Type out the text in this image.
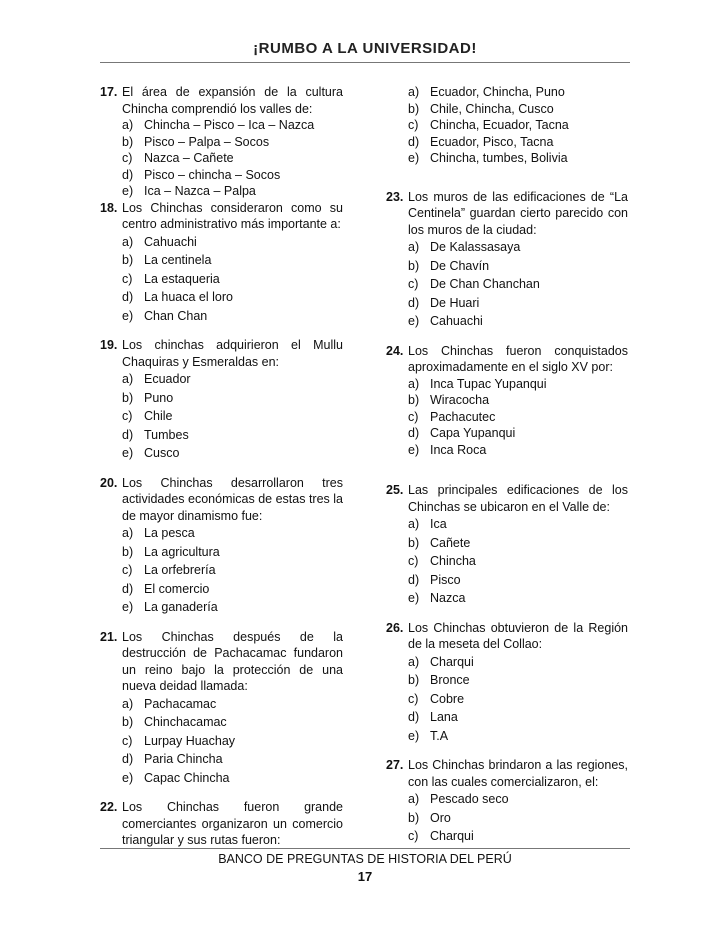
¡RUMBO A LA UNIVERSIDAD!
17. El área de expansión de la cultura Chincha comprendió los valles de:
a) Chincha – Pisco – Ica – Nazca
b) Pisco – Palpa – Socos
c) Nazca – Cañete
d) Pisco – chincha – Socos
e) Ica – Nazca – Palpa
18. Los Chinchas consideraron como su centro administrativo más importante a:
a) Cahuachi
b) La centinela
c) La estaqueria
d) La huaca el loro
e) Chan Chan
19. Los chinchas adquirieron el Mullu Chaquiras y Esmeraldas en:
a) Ecuador
b) Puno
c) Chile
d) Tumbes
e) Cusco
20. Los Chinchas desarrollaron tres actividades económicas de estas tres la de mayor dinamismo fue:
a) La pesca
b) La agricultura
c) La orfebrería
d) El comercio
e) La ganadería
21. Los Chinchas después de la destrucción de Pachacamac fundaron un reino bajo la protección de una nueva deidad llamada:
a) Pachacamac
b) Chinchacamac
c) Lurpay Huachay
d) Paria Chincha
e) Capac Chincha
22. Los Chinchas fueron grande comerciantes organizaron un comercio triangular y sus rutas fueron:
a) Ecuador, Chincha, Puno
b) Chile, Chincha, Cusco
c) Chincha, Ecuador, Tacna
d) Ecuador, Pisco, Tacna
e) Chincha, tumbes, Bolivia
23. Los muros de las edificaciones de “La Centinela” guardan cierto parecido con los muros de la ciudad:
a) De Kalassasaya
b) De Chavín
c) De Chan Chanchan
d) De Huari
e) Cahuachi
24. Los Chinchas fueron conquistados aproximadamente en el siglo XV por:
a) Inca Tupac Yupanqui
b) Wiracocha
c) Pachacutec
d) Capa Yupanqui
e) Inca Roca
25. Las principales edificaciones de los Chinchas se ubicaron en el Valle de:
a) Ica
b) Cañete
c) Chincha
d) Pisco
e) Nazca
26. Los Chinchas obtuvieron de la Región de la meseta del Collao:
a) Charqui
b) Bronce
c) Cobre
d) Lana
e) T.A
27. Los Chinchas brindaron a las regiones, con las cuales comercializaron, el:
a) Pescado seco
b) Oro
c) Charqui
BANCO DE PREGUNTAS DE HISTORIA DEL PERÚ
17
